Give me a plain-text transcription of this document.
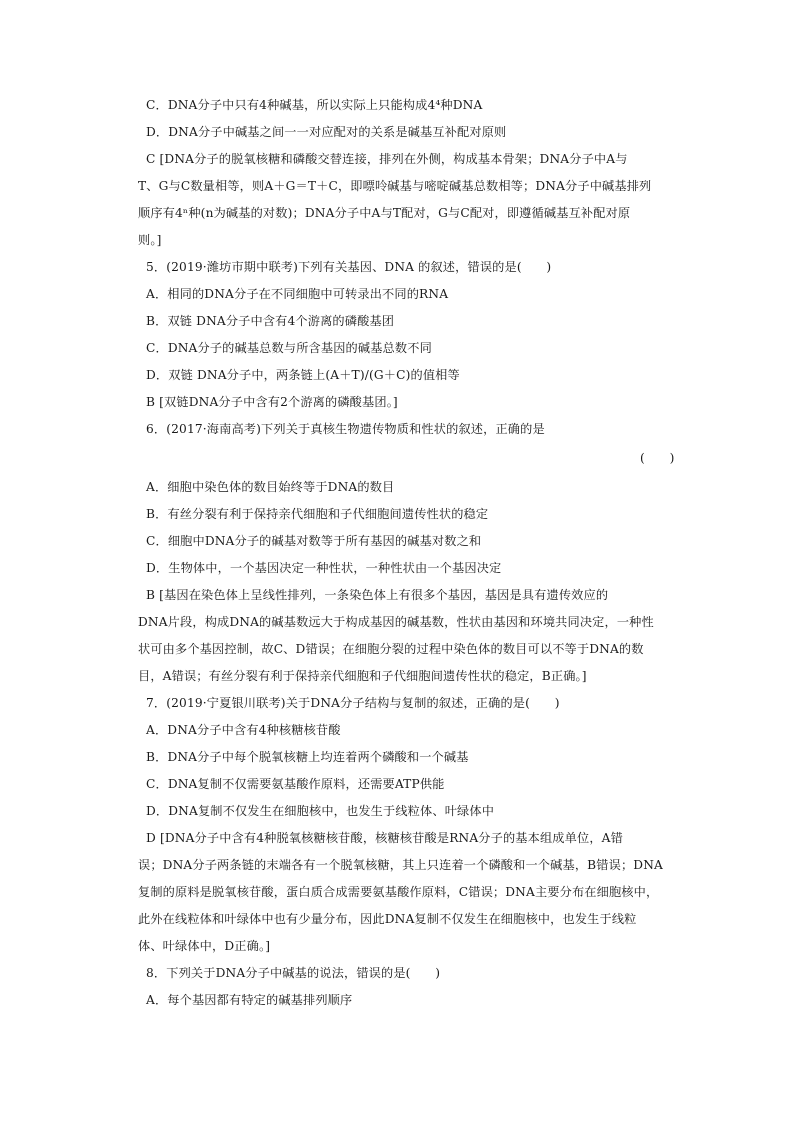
C．DNA分子中只有4种碱基，所以实际上只能构成4⁴种DNA
D．DNA分子中碱基之间一一对应配对的关系是碱基互补配对原则
C [DNA分子的脱氧核糖和磷酸交替连接，排列在外侧，构成基本骨架；DNA分子中A与
T、G与C数量相等，则A＋G＝T＋C，即嘌呤碱基与嘧啶碱基总数相等；DNA分子中碱基排列
顺序有4ⁿ种(n为碱基的对数)；DNA分子中A与T配对，G与C配对，即遵循碱基互补配对原
则。]
5．(2019·潍坊市期中联考)下列有关基因、DNA 的叙述，错误的是(　　)
A．相同的DNA分子在不同细胞中可转录出不同的RNA
B．双链 DNA分子中含有4个游离的磷酸基团
C．DNA分子的碱基总数与所含基因的碱基总数不同
D．双链 DNA分子中，两条链上(A＋T)/(G＋C)的值相等
B [双链DNA分子中含有2个游离的磷酸基团。]
6．(2017·海南高考)下列关于真核生物遗传物质和性状的叙述，正确的是
(　　)
A．细胞中染色体的数目始终等于DNA的数目
B．有丝分裂有利于保持亲代细胞和子代细胞间遗传性状的稳定
C．细胞中DNA分子的碱基对数等于所有基因的碱基对数之和
D．生物体中，一个基因决定一种性状，一种性状由一个基因决定
B [基因在染色体上呈线性排列，一条染色体上有很多个基因，基因是具有遗传效应的
DNA片段，构成DNA的碱基数远大于构成基因的碱基数，性状由基因和环境共同决定，一种性
状可由多个基因控制，故C、D错误；在细胞分裂的过程中染色体的数目可以不等于DNA的数
目，A错误；有丝分裂有利于保持亲代细胞和子代细胞间遗传性状的稳定，B正确。]
7．(2019·宁夏银川联考)关于DNA分子结构与复制的叙述，正确的是(　　)
A．DNA分子中含有4种核糖核苷酸
B．DNA分子中每个脱氧核糖上均连着两个磷酸和一个碱基
C．DNA复制不仅需要氨基酸作原料，还需要ATP供能
D．DNA复制不仅发生在细胞核中，也发生于线粒体、叶绿体中
D [DNA分子中含有4种脱氧核糖核苷酸，核糖核苷酸是RNA分子的基本组成单位，A错
误；DNA分子两条链的末端各有一个脱氧核糖，其上只连着一个磷酸和一个碱基，B错误；DNA
复制的原料是脱氧核苷酸，蛋白质合成需要氨基酸作原料，C错误；DNA主要分布在细胞核中，
此外在线粒体和叶绿体中也有少量分布，因此DNA复制不仅发生在细胞核中，也发生于线粒
体、叶绿体中，D正确。]
8．下列关于DNA分子中碱基的说法，错误的是(　　)
A．每个基因都有特定的碱基排列顺序
